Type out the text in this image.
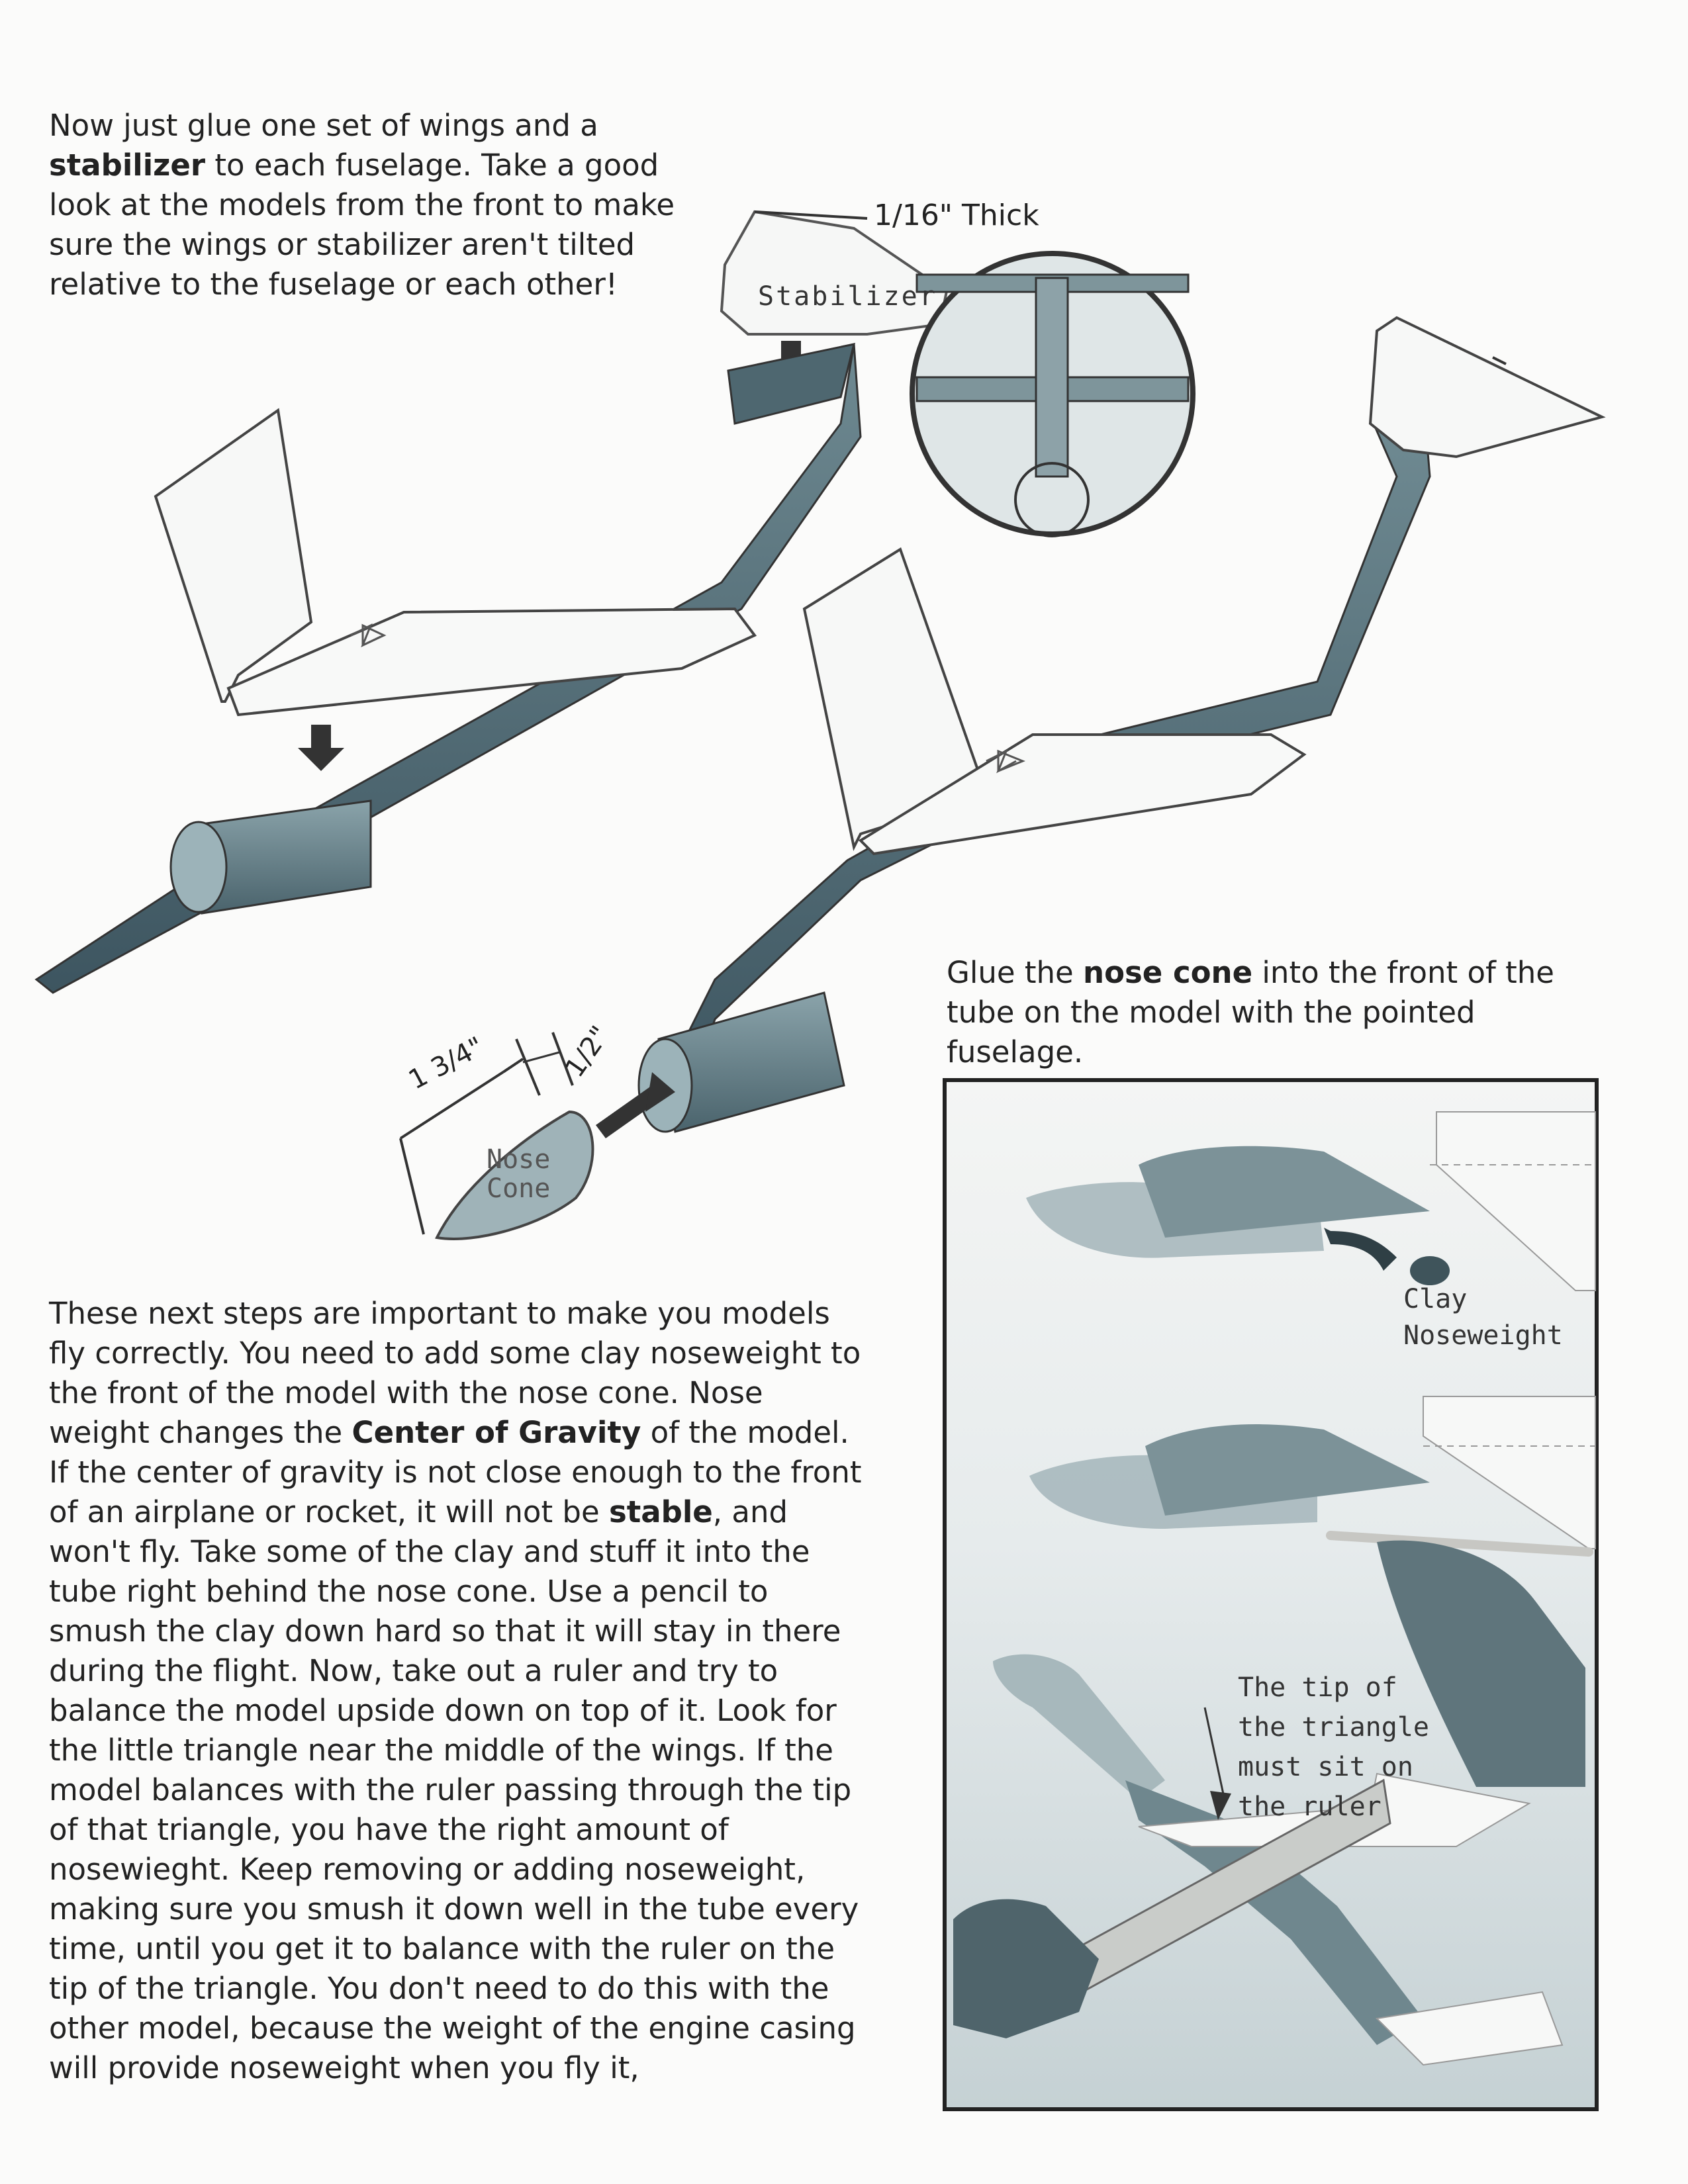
Now just glue one set of wings and a stabilizer to each fuselage. Take a good look at the models from the front to make sure the wings or stabilizer aren't tilted relative to the fuselage or each other!

Glue the nose cone into the front of the tube on the model with the pointed fuselage.

These next steps are important to make you models fly correctly. You need to add some clay noseweight to the front of the model with the nose cone. Nose weight changes the Center of Gravity of the model. If the center of gravity is not close enough to the front of an airplane or rocket, it will not be stable, and won't fly. Take some of the clay and stuff it into the tube right behind the nose cone. Use a pencil to smush the clay down hard so that it will stay in there during the flight. Now, take out a ruler and try to balance the model upside down on top of it. Look for the little triangle near the middle of the wings. If the model balances with the ruler passing through the tip of that triangle, you have the right amount of nosewieght. Keep removing or adding noseweight, making sure you smush it down well in the tube every time, until you get it to balance with the ruler on the tip of the triangle. You don't need to do this with the other model, because the weight of the engine casing will provide noseweight when you fly it,

1/16" Thick
Stabilizer
1 3/4"	1/2"
Nose Cone
Clay
Noseweight
The tip of the triangle must sit on the ruler
